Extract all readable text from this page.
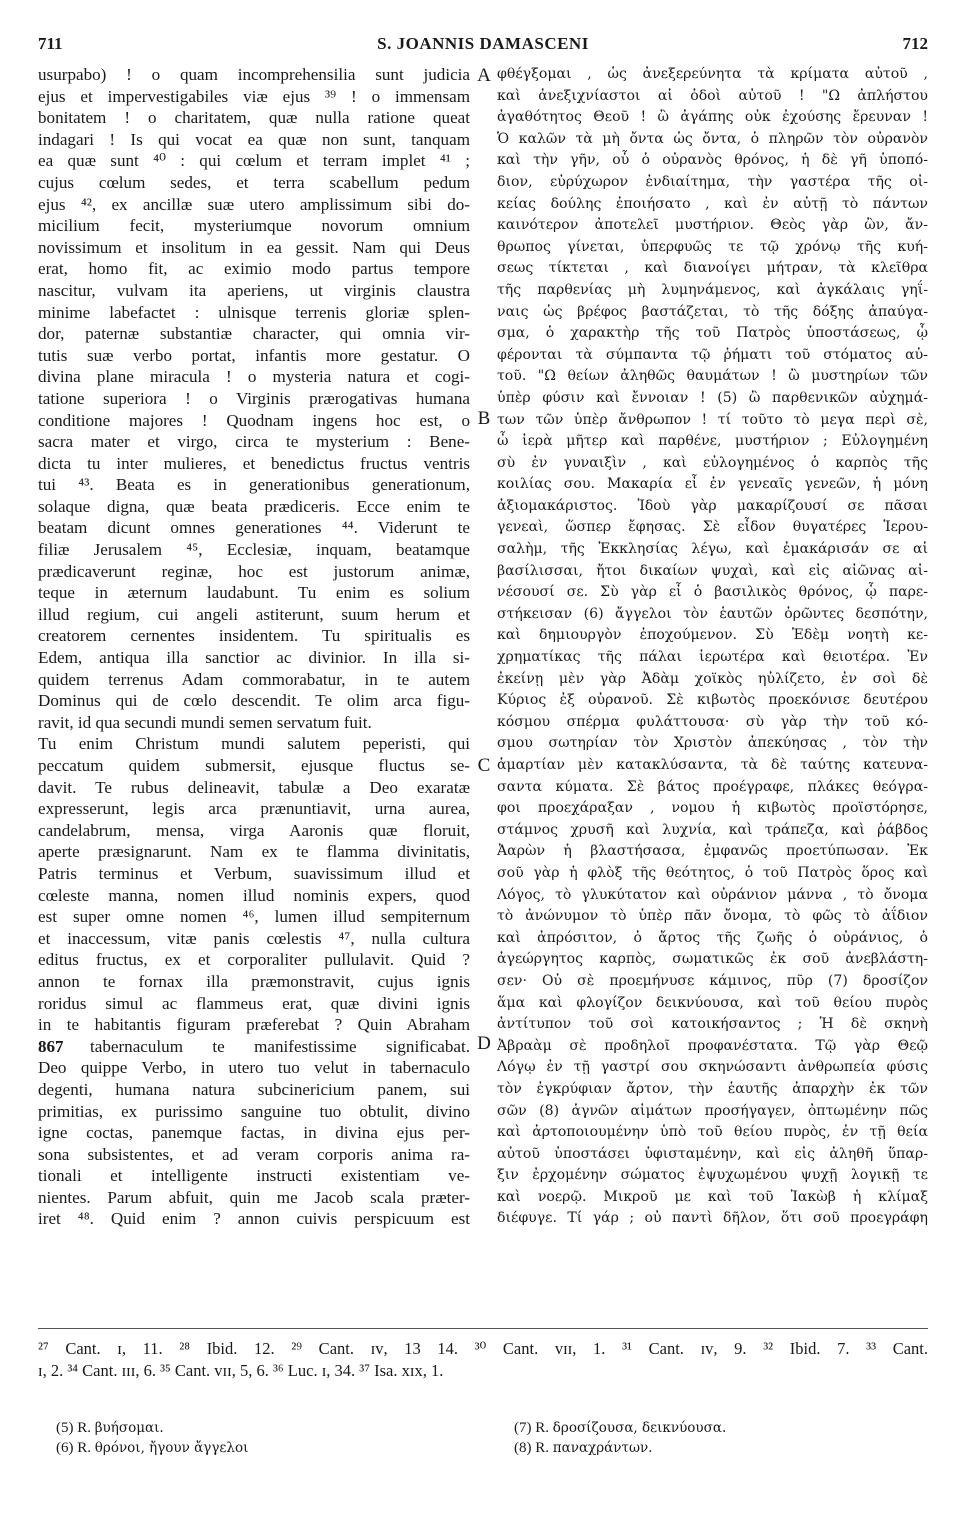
711	S. JOANNIS DAMASCENI	712
usurpabo) ! o quam incomprehensilia sunt judicia
ejus et impervestigabiles viæ ejus ³⁹ ! o immensam
bonitatem ! o charitatem, quæ nulla ratione queat
indagari ! Is qui vocat ea quæ non sunt, tanquam
ea quæ sunt ⁴⁰ : qui cœlum et terram implet ⁴¹ ;
cujus cœlum sedes, et terra scabellum pedum
ejus ⁴², ex ancillæ suæ utero amplissimum sibi do-
micilium fecit, mysteriumque novorum omnium
novissimum et insolitum in ea gessit. Nam qui Deus
erat, homo fit, ac eximio modo partus tempore
nascitur, vulvam ita aperiens, ut virginis claustra
minime labefactet : ulnisque terrenis gloriæ splen-
dor, paternæ substantiæ character, qui omnia vir-
tutis suæ verbo portat, infantis more gestatur. O
divina plane miracula ! o mysteria natura et cogi-
tatione superiora ! o Virginis prærogativas humana
conditione majores ! Quodnam ingens hoc est, o
sacra mater et virgo, circa te mysterium : Bene-
dicta tu inter mulieres, et benedictus fructus ventris
tui ⁴³. Beata es in generationibus generationum,
solaque digna, quæ beata prædiceris. Ecce enim te
beatam dicunt omnes generationes ⁴⁴. Viderunt te
filiæ Jerusalem ⁴⁵, Ecclesiæ, inquam, beatamque
prædicaverunt reginæ, hoc est justorum animæ,
teque in æternum laudabunt. Tu enim es solium
illud regium, cui angeli astiterunt, suum herum et
creatorem cernentes insidentem. Tu spiritualis es
Edem, antiqua illa sanctior ac divinior. In illa si-
quidem terrenus Adam commorabatur, in te autem
Dominus qui de cœlo descendit. Te olim arca figu-
ravit, id qua secundi mundi semen servatum fuit.
Tu enim Christum mundi salutem peperisti, qui
peccatum quidem submersit, ejusque fluctus se-
davit. Te rubus delineavit, tabulæ a Deo exaratæ
expresserunt, legis arca prænuntiavit, urna aurea,
candelabrum, mensa, virga Aaronis quæ floruit,
aperte præsignarunt. Nam ex te flamma divinitatis,
Patris terminus et Verbum, suavissimum illud et
cœleste manna, nomen illud nominis expers, quod
est super omne nomen ⁴⁶, lumen illud sempiternum
et inaccessum, vitæ panis cœlestis ⁴⁷, nulla cultura
editus fructus, ex et corporaliter pullulavit. Quid ?
annon te fornax illa præmonstravit, cujus ignis
roridus simul ac flammeus erat, quæ divini ignis
in te habitantis figuram præferebat ? Quin Abraham
tabernaculum te manifestissime significabat.
Deo quippe Verbo, in utero tuo velut in tabernaculo
degenti, humana natura subcinericium panem, sui
primitias, ex purissimo sanguine tuo obtulit, divino
igne coctas, panemque factas, in divina ejus per-
sona subsistentes, et ad veram corporis anima ra-
tionali et intelligente instructi existentiam ve-
nientes. Parum abfuit, quin me Jacob scala præter-
iret ⁴⁸. Quid enim ? annon cuivis perspicuum est
φθέγξομαι , ὡς ἀνεξερεύνητα τὰ κρίματα αὐτοῦ ,
καὶ ἀνεξιχνίαστοι αἱ ὁδοὶ αὐτοῦ ! "Ω ἀπλήστου
ἀγαθότητος Θεοῦ ! ὢ ἀγάπης οὐκ ἐχούσης ἔρευναν !
Ὁ καλῶν τὰ μὴ ὄντα ὡς ὄντα, ὁ πληρῶν τὸν οὐρανὸν
καὶ τὴν γῆν, οὗ ὁ οὐρανὸς θρόνος, ἡ δὲ γῆ ὑποπό-
διον, εὐρύχωρον ἐνδιαίτημα, τὴν γαστέρα τῆς οἰ-
κείας δούλης ἐποιήσατο , καὶ ἐν αὐτῇ τὸ πάντων
καινότερον ἀποτελεῖ μυστήριον. Θεὸς γὰρ ὢν, ἄν-
θρωπος γίνεται, ὑπερφυῶς τε τῷ χρόνῳ τῆς κυή-
σεως τίκτεται , καὶ διανοίγει μήτραν, τὰ κλεῖθρα
τῆς παρθενίας μὴ λυμηνάμενος, καὶ ἀγκάλαις γηΐ-
ναις ὡς βρέφος βαστάζεται, τὸ τῆς δόξης ἀπαύγα-
σμα, ὁ χαρακτὴρ τῆς τοῦ Πατρὸς ὑποστάσεως, ᾧ
φέρονται τὰ σύμπαντα τῷ ῥήματι τοῦ στόματος αὐ-
τοῦ. "Ω θείων ἀληθῶς θαυμάτων ! ὢ μυστηρίων τῶν
ὑπὲρ φύσιν καὶ ἔννοιαν ! (5) ὢ παρθενικῶν αὐχημά-
των τῶν ὑπὲρ ἄνθρωπον ! τί τοῦτο τὸ μεγα περὶ σὲ,
ὦ ἱερὰ μῆτερ καὶ παρθένε, μυστήριον ; Εὐλογημένη
σὺ ἐν γυναιξὶν , καὶ εὐλογημένος ὁ καρπὸς τῆς
κοιλίας σου. Μακαρία εἶ ἐν γενεαῖς γενεῶν, ἡ μόνη
ἀξιομακάριστος. Ἰδοὺ γὰρ μακαρίζουσί σε πᾶσαι
γενεαὶ, ὥσπερ ἔφησας. Σὲ εἶδον θυγατέρες Ἱερου-
σαλὴμ, τῆς Ἐκκλησίας λέγω, καὶ ἐμακάρισάν σε αἱ
βασίλισσαι, ἤτοι δικαίων ψυχαὶ, καὶ εἰς αἰῶνας αἰ-
νέσουσί σε. Σὺ γὰρ εἶ ὁ βασιλικὸς θρόνος, ᾧ παρε-
στήκεισαν (6) ἄγγελοι τὸν ἑαυτῶν ὁρῶντες δεσπότην,
καὶ δημιουργὸν ἐποχούμενον. Σὺ Ἐδὲμ νοητὴ κε-
χρηματίκας τῆς πάλαι ἱερωτέρα καὶ θειοτέρα. Ἐν
ἐκείνῃ μὲν γὰρ Ἀδὰμ χοϊκὸς ηὐλίζετο, ἐν σοὶ δὲ
Κύριος ἐξ οὐρανοῦ. Σὲ κιβωτὸς προεκόνισε δευτέρου
κόσμου σπέρμα φυλάττουσα· σὺ γὰρ τὴν τοῦ κό-
σμου σωτηρίαν τὸν Χριστὸν ἀπεκύησας , τὸν τὴν
ἁμαρτίαν μὲν κατακλύσαντα, τὰ δὲ ταύτης κατευνα-
σαντα κύματα. Σὲ βάτος προέγραφε, πλάκες θεόγρα-
φοι προεχάραξαν , νομου ἡ κιβωτὸς προϊστόρησε,
στάμνος χρυσῆ καὶ λυχνία, καὶ τράπεζα, καὶ ῥάβδος
Ἀαρὼν ἡ βλαστήσασα, ἐμφανῶς προετύπωσαν. Ἐκ
σοῦ γὰρ ἡ φλὸξ τῆς θεότητος, ὁ τοῦ Πατρὸς ὅρος καὶ
Λόγος, τὸ γλυκύτατον καὶ οὐράνιον μάννα , τὸ ὄνομα
τὸ ἀνώνυμον τὸ ὑπὲρ πᾶν ὄνομα, τὸ φῶς τὸ ἀΐδιον
καὶ ἀπρόσιτον, ὁ ἄρτος τῆς ζωῆς ὁ οὐράνιος, ὁ
ἀγεώργητος καρπὸς, σωματικῶς ἐκ σοῦ ἀνεβλάστη-
σεν· Οὐ σὲ προεμήνυσε κάμινος, πῦρ (7) δροσίζον
ἅμα καὶ φλογίζον δεικνύουσα, καὶ τοῦ θείου πυρὸς
ἀντίτυπον τοῦ σοὶ κατοικήσαντος ; Ἡ δὲ σκηνὴ
Ἀβραὰμ σὲ προδηλοῖ προφανέστατα. Τῷ γὰρ Θεῷ
Λόγῳ ἐν τῇ γαστρί σου σκηνώσαντι ἀνθρωπεία φύσις
τὸν ἐγκρύφιαν ἄρτον, τὴν ἑαυτῆς ἀπαρχὴν ἐκ τῶν
σῶν (8) ἁγνῶν αἱμάτων προσήγαγεν, ὀπτωμένην πῶς
καὶ ἀρτοποιουμένην ὑπὸ τοῦ θείου πυρὸς, ἐν τῇ θεία
αὐτοῦ ὑποστάσει ὑφισταμένην, καὶ εἰς ἀληθῆ ὕπαρ-
ξιν ἐρχομένην σώματος ἐψυχωμένου ψυχῇ λογικῇ τε
καὶ νοερῷ. Μικροῦ με καὶ τοῦ Ἰακὼβ ἡ κλίμαξ
διέφυγε. Τί γάρ ; οὐ παντὶ δῆλον, ὅτι σοῦ προεγράφη
A
B
C
D
²⁷ Cant. ɪ, 11. ²⁸ Ibid. 12. ²⁹ Cant. ɪᴠ, 13 14. ³⁰ Cant. ᴠɪɪ, 1. ³¹ Cant. ɪᴠ, 9. ³² Ibid. 7. ³³ Cant.
ɪ, 2. ³⁴ Cant. ɪɪɪ, 6. ³⁵ Cant. ᴠɪɪ, 5, 6. ³⁶ Luc. ɪ, 34. ³⁷ Isa. xɪx, 1.
(5) R. βυήσομαι.
(6) R. θρόνοι, ἤγουν ἄγγελοι
(7) R. δροσίζουσα, δεικνύουσα.
(8) R. παναχράντων.
867
